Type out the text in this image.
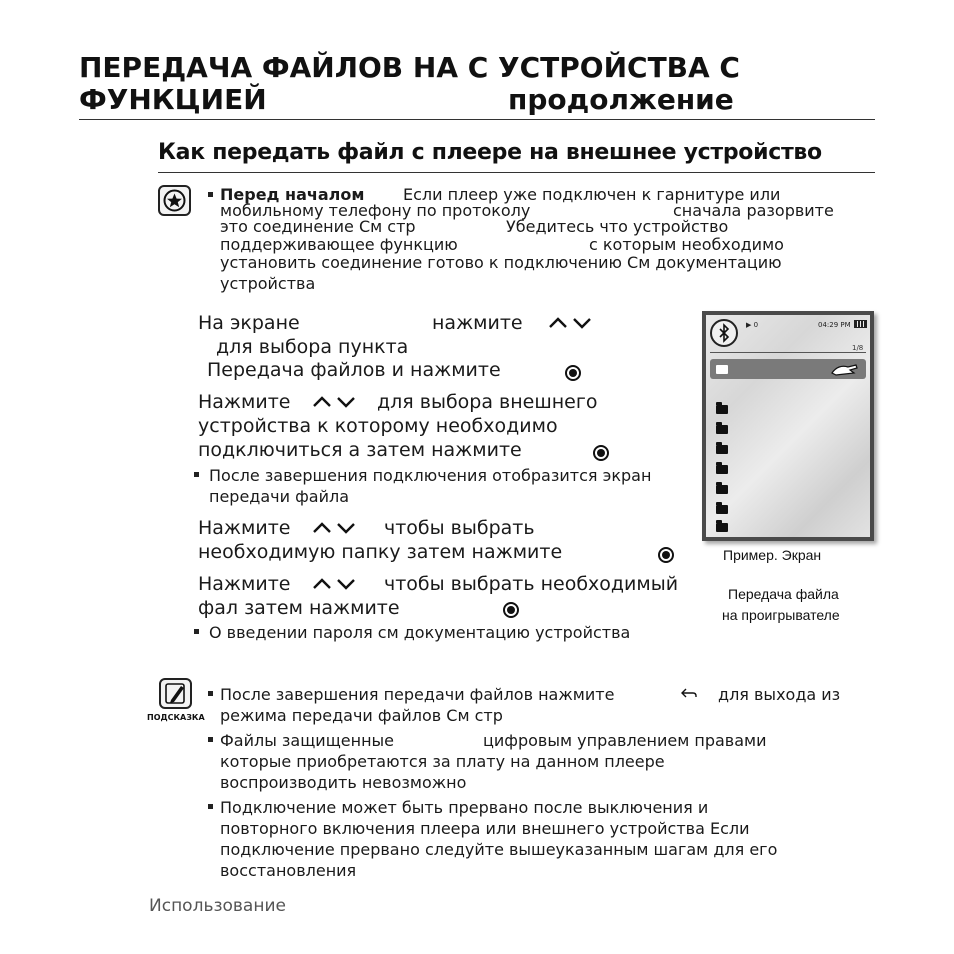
ПЕРЕДАЧА ФАЙЛОВ НА С УСТРОЙСТВА С
ФУНКЦИЕЙ	продолжение
Как передать файл с плеере на внешнее устройство
Перед началом Если плеер уже подключен к гарнитуре или
мобильному телефону по протоколу	сначала разорвите
это соединение См стр	Убедитесь что устройство
поддерживающее функцию	с которым необходимо
установить соединение готово к подключению См документацию
устройства
На экране	нажмите
для выбора пункта
Передача файлов и нажмите

Нажмите	для выбора внешнего
устройства к которому необходимо
подключиться а затем нажмите

После завершения подключения отобразится экран
передачи файла
Нажмите	чтобы выбрать
необходимую папку затем нажмите

Нажмите	чтобы выбрать необходимый
фал затем нажмите
О введении пароля см документацию устройства
▶ 0	04:29 PM
1/8
Пример. Экран
Передача файла
на проигрывателе
ПОДСКАЗКА
После завершения передачи файлов нажмите	для выхода из
режима передачи файлов См стр
Файлы защищенные	цифровым управлением правами
которые приобретаются за плату на данном плеере
воспроизводить невозможно
Подключение может быть прервано после выключения и
повторного включения плеера или внешнего устройства Если
подключение прервано следуйте вышеуказанным шагам для его
восстановления
Использование
